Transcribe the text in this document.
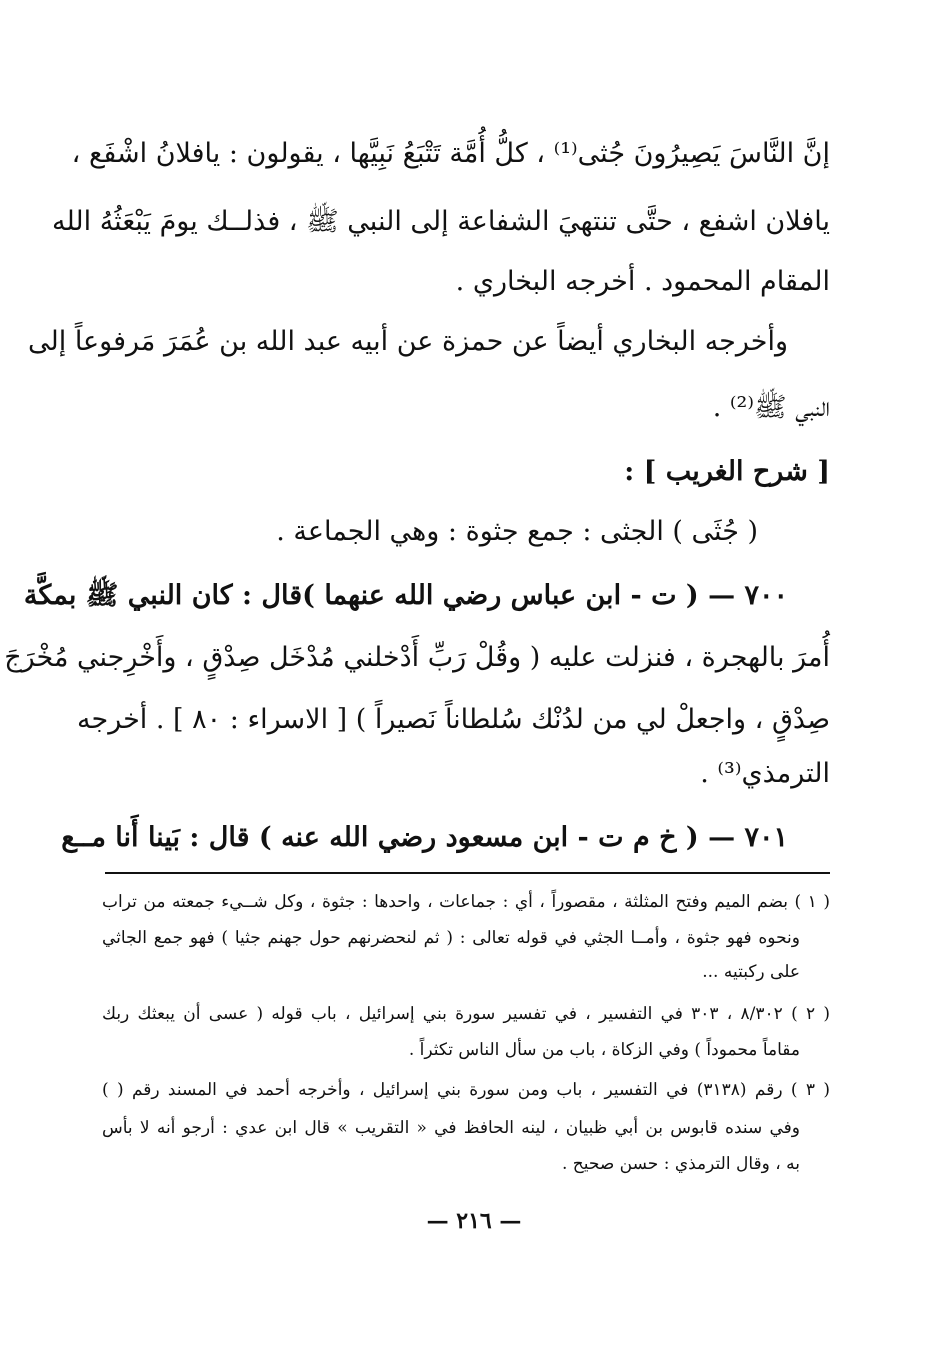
إنَّ النَّاسَ يَصِيرُونَ جُثى⁽¹⁾ ، كلُّ أُمَّة تَتْبَعُ نَبِيَّها ، يقولون : يافلانُ اشْفَع ،
يافلان اشفع ، حتَّى تنتهيَ الشفاعة إلى النبي ﷺ ، فذلــك يومَ يَبْعَثُهُ الله
المقام المحمود . أخرجه البخاري .
وأخرجه البخاري أيضاً عن حمزة عن أبيه عبد الله بن عُمَرَ مَرفوعاً إلى
النبي ﷺ⁽²⁾ .
[ شرح الغريب ] :
( جُثَى ) الجثى : جمع جثوة : وهي الجماعة .
٧٠٠ — ( ت - ابن عباس رضي الله عنهما )قال : كان النبي ﷺ بمكَّة
أُمرَ بالهجرة ، فنزلت عليه ( وقُلْ رَبِّ أَدْخلني مُدْخَل صِدْقٍ ، وأَخْرِجني مُخْرَجَ
صِدْقٍ ، واجعلْ لي من لدُنْك سُلطاناً نَصيراً ) [ الاسراء : ٨٠ ] . أخرجه
الترمذي⁽³⁾ .
٧٠١ — ( خ م ت - ابن مسعود رضي الله عنه ) قال : بَينا أَنا مــع
( ١ ) بضم الميم وفتح المثلثة ، مقصوراً ، أي : جماعات ، واحدها : جثوة ، وكل شــيء جمعته من تراب
ونحوه فهو جثوة ، وأمــا الجثي في قوله تعالى : ( ثم لنحضرنهم حول جهنم جثيا ) فهو جمع الجاثي
على ركبتيه ...
( ٢ ) ٨/٣٠٢ ، ٣٠٣ في التفسير ، في تفسير سورة بني إسرائيل ، باب قوله ( عسى أن يبعثك ربك
مقاماً محموداً ) وفي الزكاة ، باب من سأل الناس تكثراً .
( ٣ ) رقم (٣١٣٨) في التفسير ، باب ومن سورة بني إسرائيل ، وأخرجه أحمد في المسند رقم ( )
وفي سنده قابوس بن أبي ظبيان ، لينه الحافظ في « التقريب » قال ابن عدي : أرجو أنه لا بأس
به ، وقال الترمذي : حسن صحيح .
— ٢١٦ —
